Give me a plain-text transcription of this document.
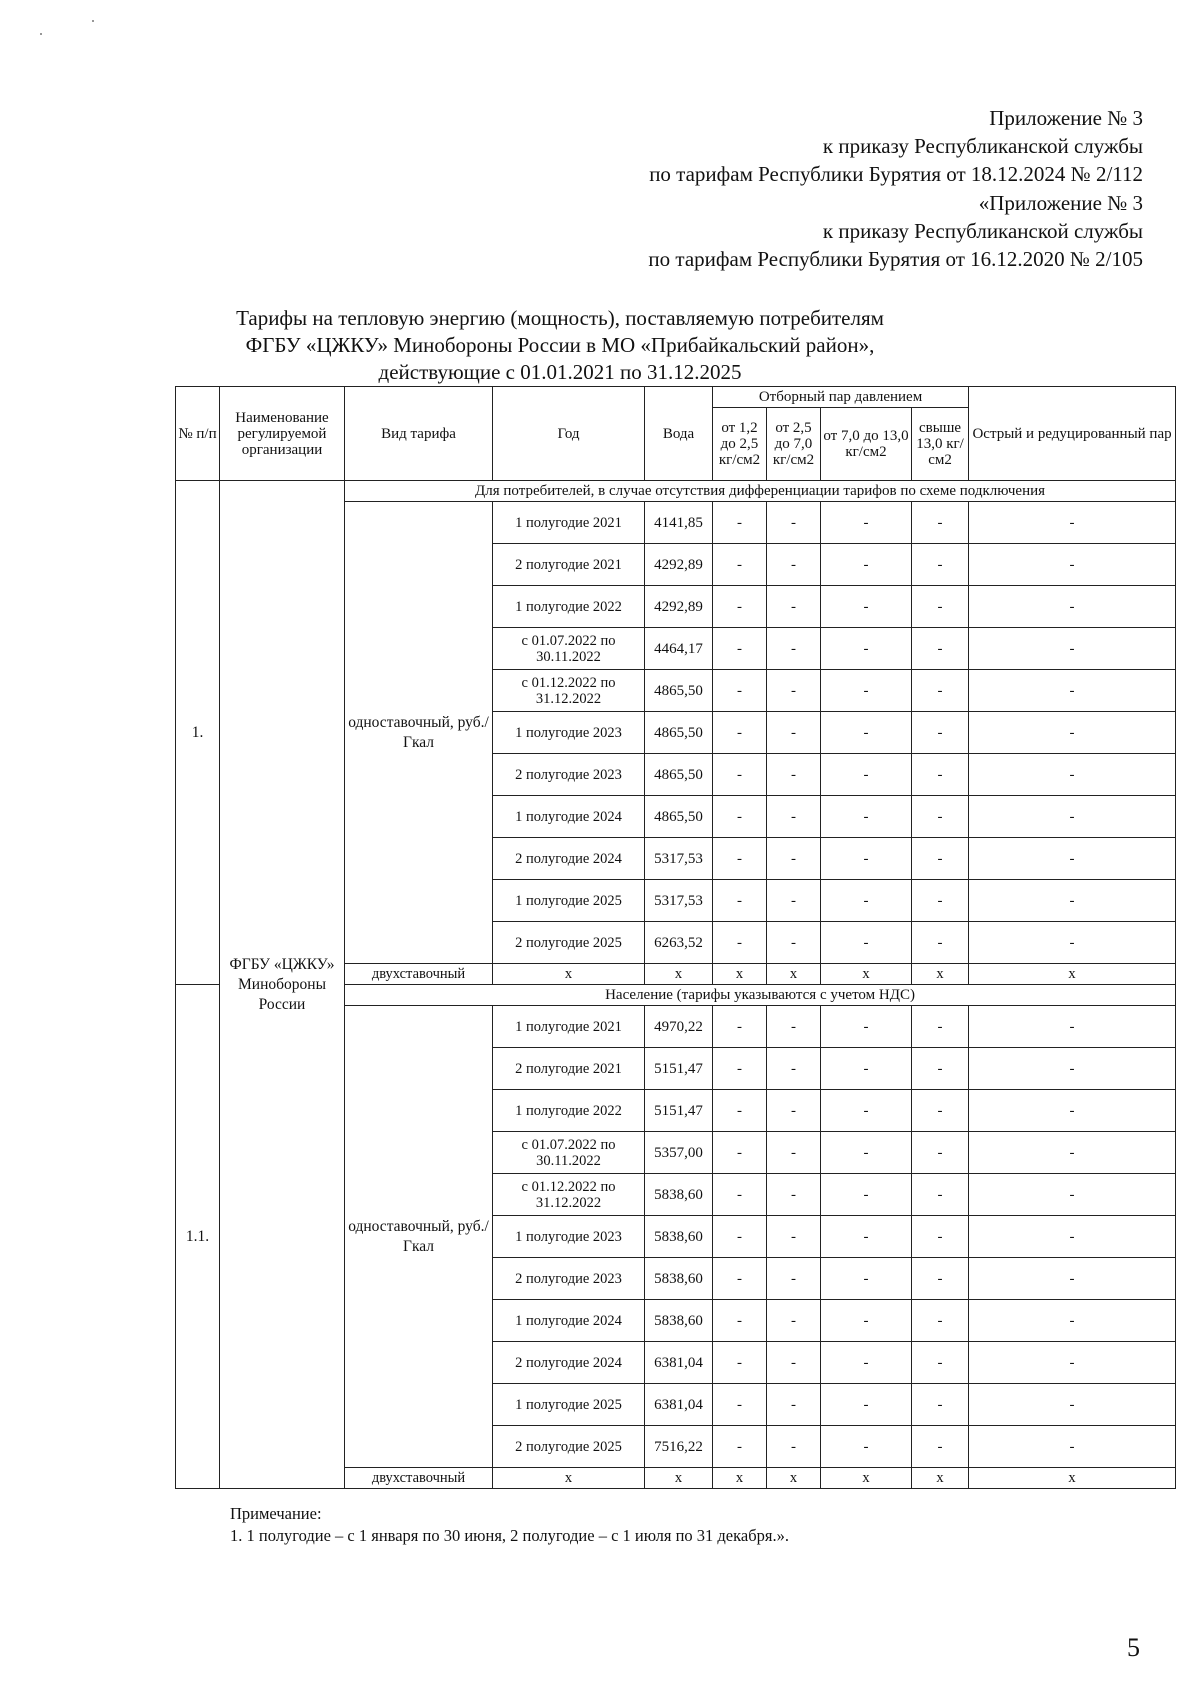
Приложение № 3
к приказу Республиканской службы
по тарифам Республики Бурятия от 18.12.2024 № 2/112
«Приложение № 3
к приказу Республиканской службы
по тарифам Республики Бурятия от 16.12.2020 № 2/105
Тарифы на тепловую энергию (мощность), поставляемую потребителям
ФГБУ «ЦЖКУ» Минобороны России в МО «Прибайкальский район»,
действующие с 01.01.2021 по 31.12.2025
№ п/п	Наименование регулируемой организации	Вид тарифа	Год	Вода	Отборный пар давлением				Острый и редуцированный пар
					от 1,2 до 2,5 кг/см2	от 2,5 до 7,0 кг/см2	от 7,0 до 13,0 кг/см2	свыше 13,0 кг/см2	
1.	ФГБУ «ЦЖКУ» Минобороны России	Для потребителей, в случае отсутствия дифференциации тарифов по схеме подключения							
		одноставочный, руб./Гкал	1 полугодие 2021	4141,85	-	-	-	-	-
			2 полугодие 2021	4292,89	-	-	-	-	-
			1 полугодие 2022	4292,89	-	-	-	-	-
			с 01.07.2022 по 30.11.2022	4464,17	-	-	-	-	-
			с 01.12.2022 по 31.12.2022	4865,50	-	-	-	-	-
			1 полугодие 2023	4865,50	-	-	-	-	-
			2 полугодие 2023	4865,50	-	-	-	-	-
			1 полугодие 2024	4865,50	-	-	-	-	-
			2 полугодие 2024	5317,53	-	-	-	-	-
			1 полугодие 2025	5317,53	-	-	-	-	-
			2 полугодие 2025	6263,52	-	-	-	-	-
		двухставочный	х	х	х	х	х	х	х
1.1.		Население (тарифы указываются с учетом НДС)							
		одноставочный, руб./Гкал	1 полугодие 2021	4970,22	-	-	-	-	-
			2 полугодие 2021	5151,47	-	-	-	-	-
			1 полугодие 2022	5151,47	-	-	-	-	-
			с 01.07.2022 по 30.11.2022	5357,00	-	-	-	-	-
			с 01.12.2022 по 31.12.2022	5838,60	-	-	-	-	-
			1 полугодие 2023	5838,60	-	-	-	-	-
			2 полугодие 2023	5838,60	-	-	-	-	-
			1 полугодие 2024	5838,60	-	-	-	-	-
			2 полугодие 2024	6381,04	-	-	-	-	-
			1 полугодие 2025	6381,04	-	-	-	-	-
			2 полугодие 2025	7516,22	-	-	-	-	-
		двухставочный	х	х	х	х	х	х	х
Примечание:
1. 1 полугодие – с 1 января по 30 июня, 2 полугодие – с 1 июля по 31 декабря.».
5
